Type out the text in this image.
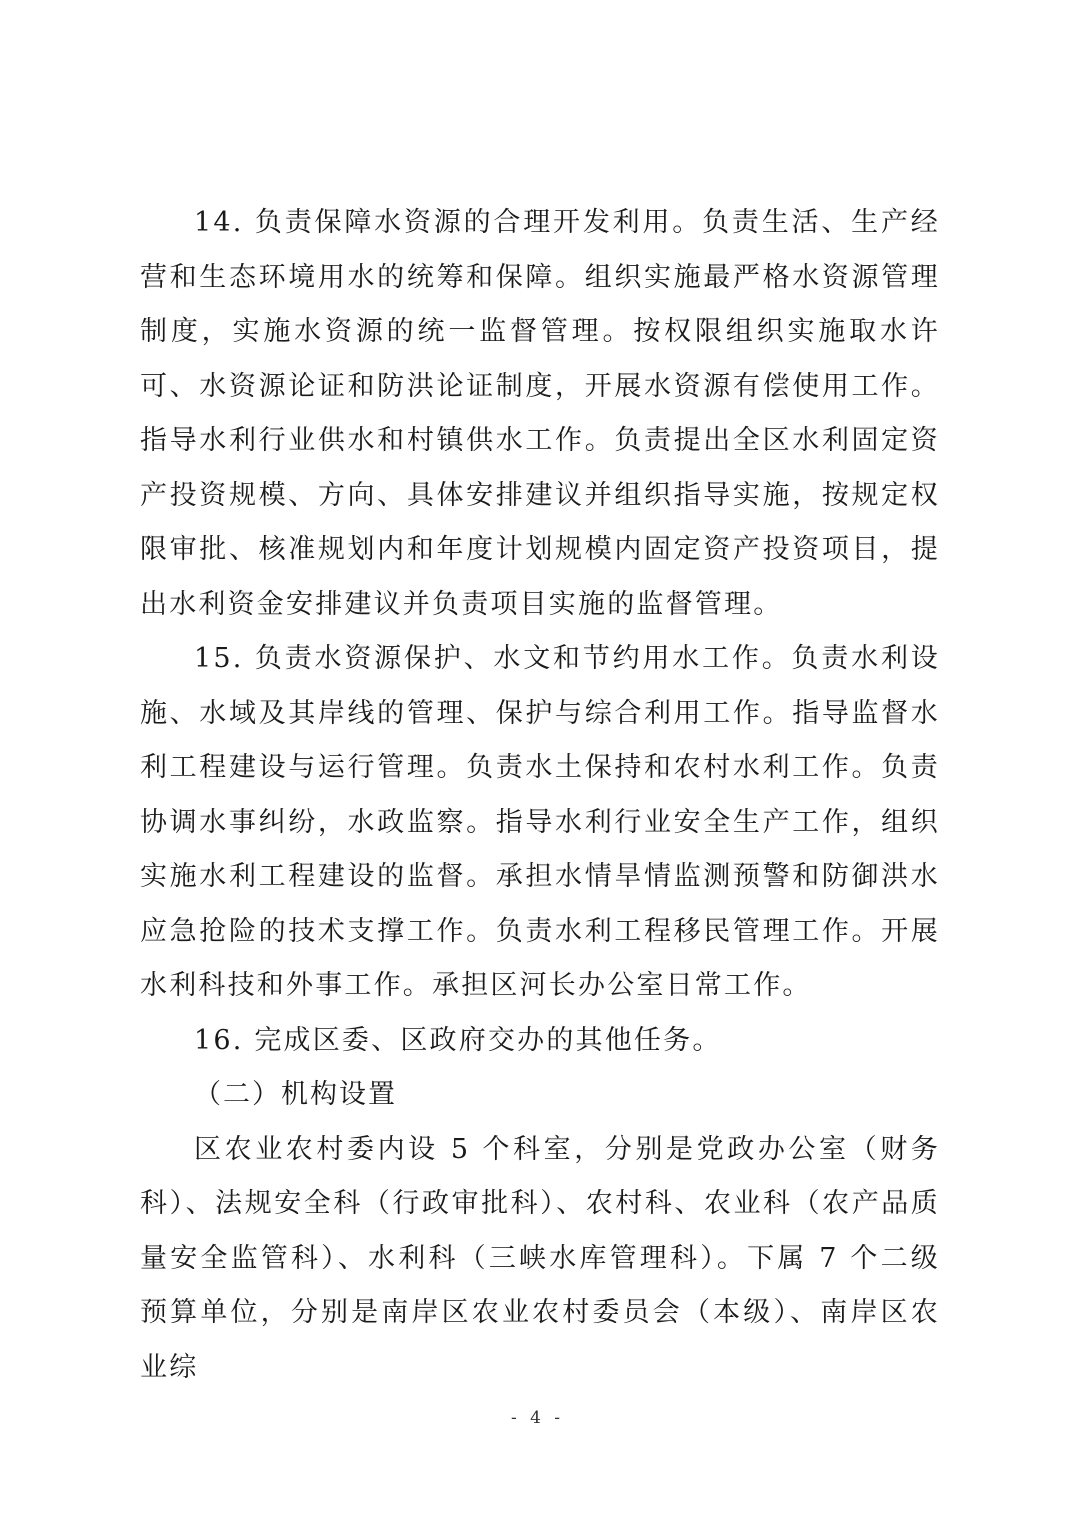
14. 负责保障水资源的合理开发利用。负责生活、生产经营和生态环境用水的统筹和保障。组织实施最严格水资源管理制度，实施水资源的统一监督管理。按权限组织实施取水许可、水资源论证和防洪论证制度，开展水资源有偿使用工作。指导水利行业供水和村镇供水工作。负责提出全区水利固定资产投资规模、方向、具体安排建议并组织指导实施，按规定权限审批、核准规划内和年度计划规模内固定资产投资项目，提出水利资金安排建议并负责项目实施的监督管理。

15. 负责水资源保护、水文和节约用水工作。负责水利设施、水域及其岸线的管理、保护与综合利用工作。指导监督水利工程建设与运行管理。负责水土保持和农村水利工作。负责协调水事纠纷，水政监察。指导水利行业安全生产工作，组织实施水利工程建设的监督。承担水情旱情监测预警和防御洪水应急抢险的技术支撑工作。负责水利工程移民管理工作。开展水利科技和外事工作。承担区河长办公室日常工作。

16. 完成区委、区政府交办的其他任务。

（二）机构设置

区农业农村委内设 5 个科室，分别是党政办公室（财务科）、法规安全科（行政审批科）、农村科、农业科（农产品质量安全监管科）、水利科（三峡水库管理科）。下属 7 个二级预算单位，分别是南岸区农业农村委员会（本级）、南岸区农业综

- 4 -
